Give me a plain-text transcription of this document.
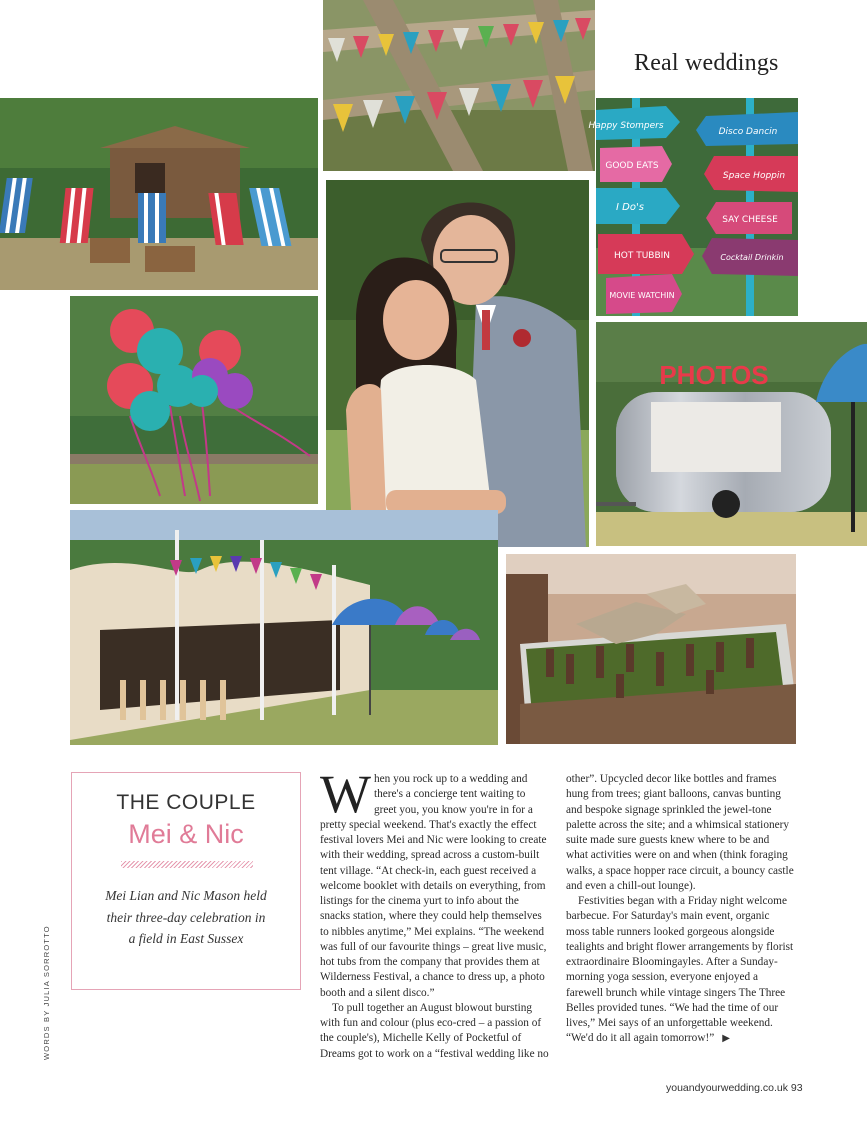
Real weddings
Happy Stompers
Disco Dancin
GOOD EATS
Space Hoppin
I Do's
SAY CHEESE
HOT TUBBIN	Cocktail Drinkin
MOVIE WATCHIN
PHOTOS
THE COUPLE
Mei & Nic
Mei Lian and Nic Mason held their three-day celebration in a field in East Sussex
WORDS BY JULIA SORROTTO

When you rock up to a wedding and there's a concierge tent waiting to greet you, you know you're in for a pretty special weekend. That's exactly the effect festival lovers Mei and Nic were looking to create with their wedding, spread across a custom-built tent village. “At check-in, each guest received a welcome booklet with details on everything, from listings for the cinema yurt to info about the snacks station, where they could help themselves to nibbles anytime,” Mei explains. “The weekend was full of our favourite things – great live music, hot tubs from the company that provides them at Wilderness Festival, a chance to dress up, a photo booth and a silent disco.”

To pull together an August blowout bursting with fun and colour (plus eco-cred – a passion of the couple's), Michelle Kelly of Pocketful of Dreams got to work on a “festival wedding like no

other”. Upcycled decor like bottles and frames hung from trees; giant balloons, canvas bunting and bespoke signage sprinkled the jewel-tone palette across the site; and a whimsical stationery suite made sure guests knew where to be and what activities were on and when (think foraging walks, a space hopper race circuit, a bouncy castle and even a chill-out lounge).

Festivities began with a Friday night welcome barbecue. For Saturday's main event, organic moss table runners looked gorgeous alongside tealights and bright flower arrangements by florist extraordinaire Bloomingayles. After a Sunday-morning yoga session, everyone enjoyed a farewell brunch while vintage singers The Three Belles provided tunes. “We had the time of our lives,” Mei says of an unforgettable weekend. “We'd do it all again tomorrow!” ▶

youandyourwedding.co.uk 93
